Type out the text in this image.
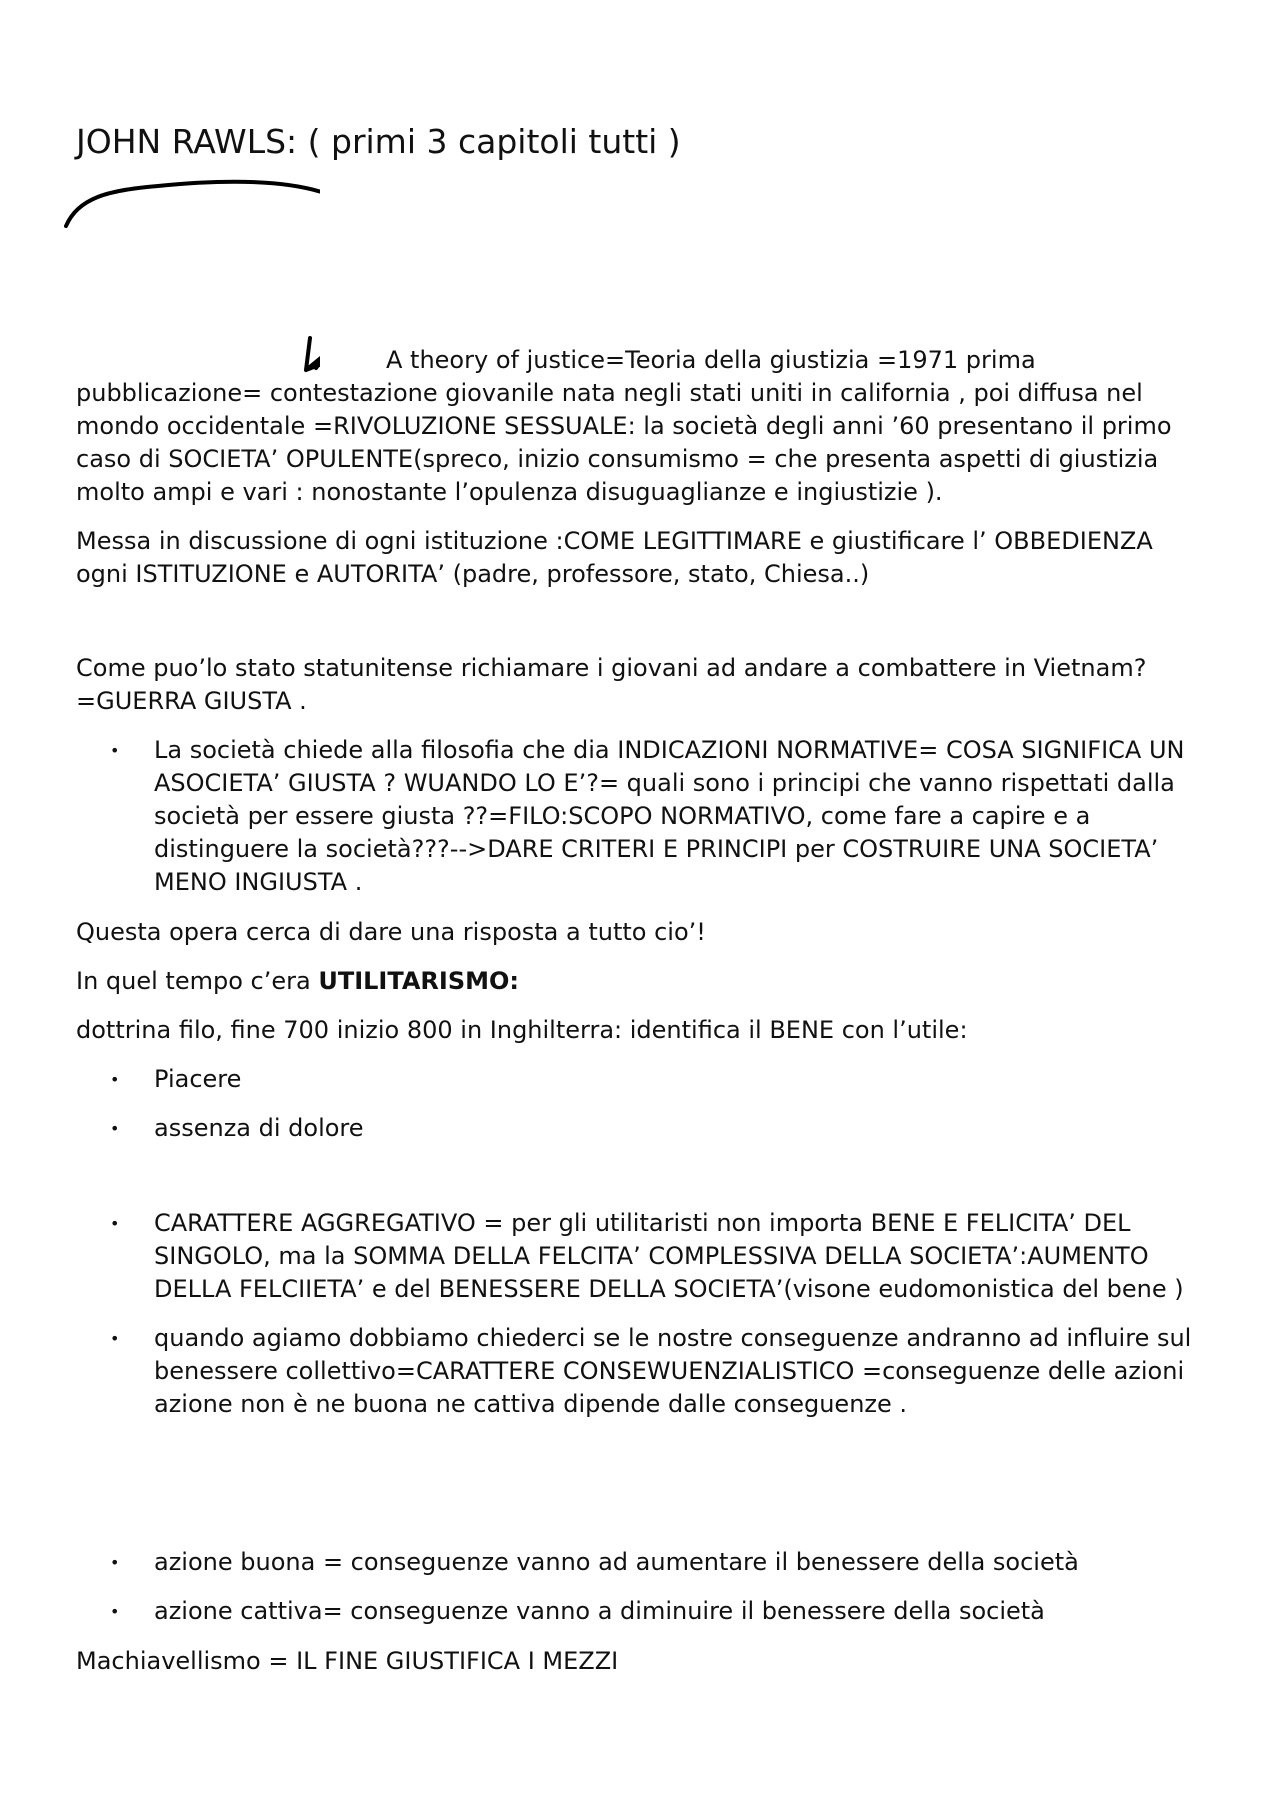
JOHN RAWLS: ( primi 3 capitoli tutti )

A theory of justice=Teoria della giustizia =1971 prima pubblicazione= contestazione giovanile nata negli stati uniti in california , poi diffusa nel mondo occidentale =RIVOLUZIONE SESSUALE: la società degli anni ’60 presentano il primo caso di SOCIETA’ OPULENTE(spreco, inizio consumismo = che presenta aspetti di giustizia molto ampi e vari : nonostante l’opulenza disuguaglianze e ingiustizie ).

Messa in discussione di ogni istituzione :COME LEGITTIMARE e giustificare l’ OBBEDIENZA ogni ISTITUZIONE e AUTORITA’ (padre, professore, stato, Chiesa..)

Come puo’lo stato statunitense richiamare i giovani ad andare a combattere in Vietnam?=GUERRA GIUSTA .

• La società chiede alla filosofia che dia INDICAZIONI NORMATIVE= COSA SIGNIFICA UN ASOCIETA’ GIUSTA ? WUANDO LO E’?= quali sono i principi che vanno rispettati dalla società per essere giusta ??=FILO:SCOPO NORMATIVO, come fare a capire e a distinguere la società???-->DARE CRITERI E PRINCIPI per COSTRUIRE UNA SOCIETA’ MENO INGIUSTA .

Questa opera cerca di dare una risposta a tutto cio’!

In quel tempo c’era UTILITARISMO:

dottrina filo, fine 700 inizio 800 in Inghilterra: identifica il BENE con l’utile:

• Piacere
• assenza di dolore
• CARATTERE AGGREGATIVO = per gli utilitaristi non importa BENE E FELICITA’ DEL SINGOLO, ma la SOMMA DELLA FELCITA’ COMPLESSIVA DELLA SOCIETA’:AUMENTO DELLA FELCIIETA’ e del BENESSERE DELLA SOCIETA’(visone eudomonistica del bene )
• quando agiamo dobbiamo chiederci se le nostre conseguenze andranno ad influire sul benessere collettivo=CARATTERE CONSEWUENZIALISTICO =conseguenze delle azioni azione non è ne buona ne cattiva dipende dalle conseguenze .
• azione buona = conseguenze vanno ad aumentare il benessere della società
• azione cattiva= conseguenze vanno a diminuire il benessere della società

Machiavellismo = IL FINE GIUSTIFICA I MEZZI
